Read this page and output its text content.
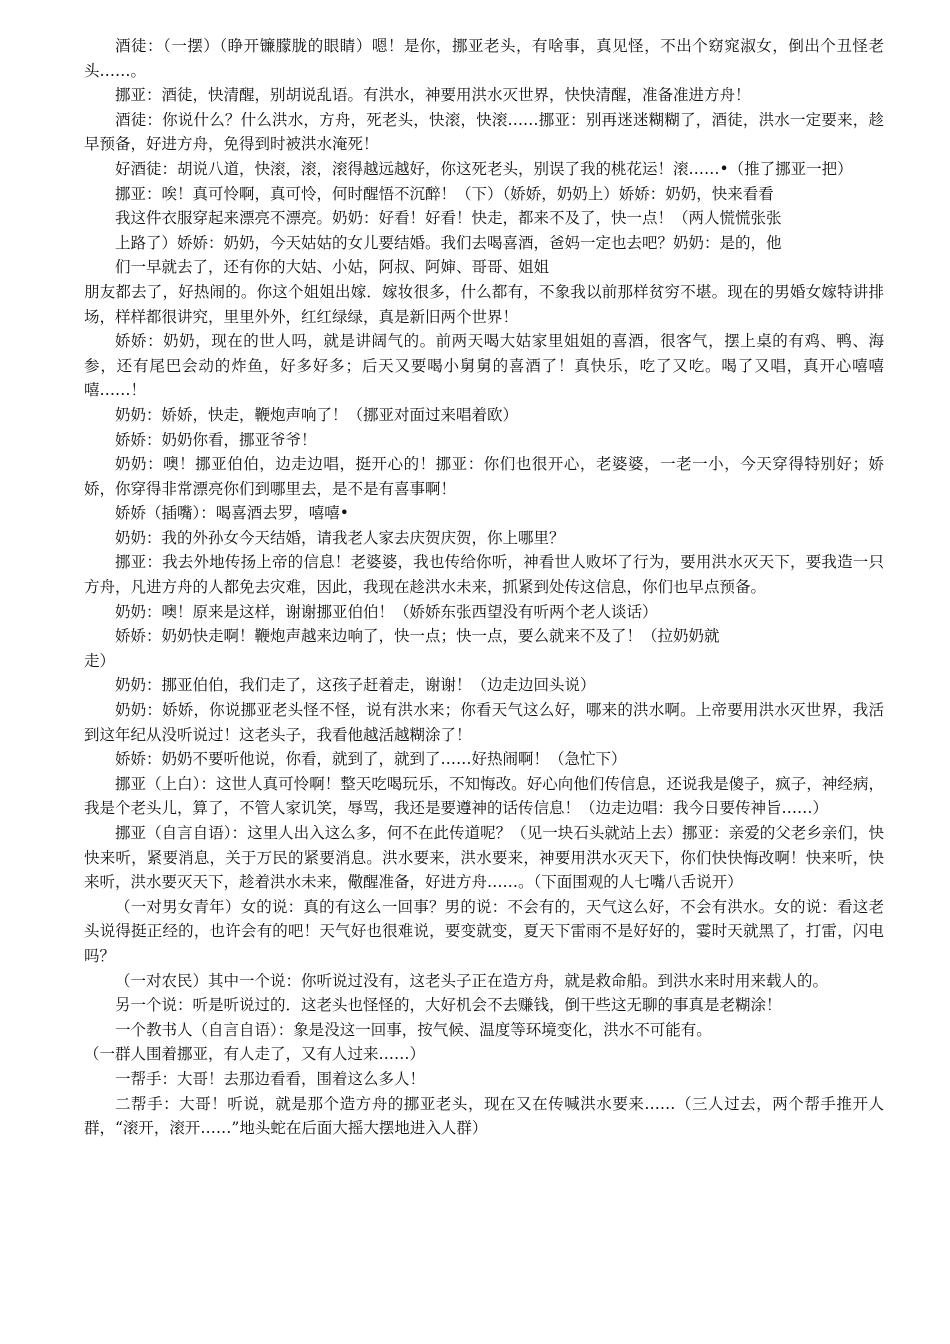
酒徒：（一摆）（睁开镰朦胧的眼睛）嗯！是你，挪亚老头，有啥事，真见怪，不出个窈窕淑女，倒出个丑怪老头……。

挪亚：酒徒，快清醒，别胡说乱语。有洪水，神要用洪水灭世界，快快清醒，准备准进方舟！

酒徒：你说什么？什么洪水，方舟，死老头，快滚，快滚……挪亚：别再迷迷糊糊了，酒徒，洪水一定要来，趁早预备，好进方舟，免得到时被洪水淹死！

好酒徒：胡说八道，快滚，滚，滚得越远越好，你这死老头，别误了我的桃花运！滚……•（推了挪亚一把）

挪亚：唉！真可怜啊，真可怜，何时醒悟不沉醉！（下）（娇娇，奶奶上）娇娇：奶奶，快来看看

我这件衣服穿起来漂亮不漂亮。奶奶：好看！好看！快走，都来不及了，快一点！（两人慌慌张张

上路了）娇娇：奶奶，今天姑姑的女儿要结婚。我们去喝喜酒，爸妈一定也去吧？奶奶：是的，他

们一早就去了，还有你的大姑、小姑，阿叔、阿婶、哥哥、姐姐

朋友都去了，好热闹的。你这个姐姐出嫁．嫁妆很多，什么都有，不象我以前那样贫穷不堪。现在的男婚女嫁特讲排场，样样都很讲究，里里外外，红红绿绿，真是新旧两个世界！

娇娇：奶奶，现在的世人吗，就是讲阔气的。前两天喝大姑家里姐姐的喜酒，很客气，摆上桌的有鸡、鸭、海参，还有尾巴会动的炸鱼，好多好多；后天又要喝小舅舅的喜酒了！真快乐，吃了又吃。喝了又唱，真开心嘻嘻嘻……！

奶奶：娇娇，快走，鞭炮声响了！（挪亚对面过来唱着欧）

娇娇：奶奶你看，挪亚爷爷！

奶奶：噢！挪亚伯伯，边走边唱，挺开心的！挪亚：你们也很开心，老婆婆，一老一小，今天穿得特别好；娇娇，你穿得非常漂亮你们到哪里去，是不是有喜事啊！

娇娇（插嘴）：喝喜酒去罗，嘻嘻•

奶奶：我的外孙女今天结婚，请我老人家去庆贺庆贺，你上哪里？

挪亚：我去外地传扬上帝的信息！老婆婆，我也传给你听，神看世人败坏了行为，要用洪水灭天下，要我造一只方舟，凡进方舟的人都免去灾难，因此，我现在趁洪水未来，抓紧到处传这信息，你们也早点预备。

奶奶：噢！原来是这样，谢谢挪亚伯伯！（娇娇东张西望没有听两个老人谈话）

娇娇：奶奶快走啊！鞭炮声越来边响了，快一点；快一点，要么就来不及了！（拉奶奶就

走）

奶奶：挪亚伯伯，我们走了，这孩子赶着走，谢谢！（边走边回头说）

奶奶：娇娇，你说挪亚老头怪不怪，说有洪水来；你看天气这么好，哪来的洪水啊。上帝要用洪水灭世界，我活到这年纪从没听说过！这老头子，我看他越活越糊涂了！

娇娇：奶奶不要听他说，你看，就到了，就到了……好热闹啊！（急忙下）

挪亚（上白）：这世人真可怜啊！整天吃喝玩乐，不知悔改。好心向他们传信息，还说我是傻子，疯子，神经病，我是个老头儿，算了，不管人家讥笑，辱骂，我还是要遵神的话传信息！（边走边唱：我今日要传神旨……）

挪亚（自言自语）：这里人出入这么多，何不在此传道呢？（见一块石头就站上去）挪亚：亲爱的父老乡亲们，快快来听，紧要消息，关于万民的紧要消息。洪水要来，洪水要来，神要用洪水灭天下，你们快快悔改啊！快来听，快来听，洪水要灭天下，趁着洪水未来，儆醒准备，好进方舟……。（下面围观的人七嘴八舌说开）

（一对男女青年）女的说：真的有这么一回事？男的说：不会有的，天气这么好，不会有洪水。女的说：看这老头说得挺正经的，也许会有的吧！天气好也很难说，要变就变，夏天下雷雨不是好好的，霎时天就黑了，打雷，闪电吗？

（一对农民）其中一个说：你听说过没有，这老头子正在造方舟，就是救命船。到洪水来时用来载人的。

另一个说：听是听说过的．这老头也怪怪的，大好机会不去赚钱，倒干些这无聊的事真是老糊涂！

一个教书人（自言自语）：象是没这一回事，按气候、温度等环境变化，洪水不可能有。

（一群人围着挪亚，有人走了，又有人过来……）

一帮手：大哥！去那边看看，围着这么多人！

二帮手：大哥！听说，就是那个造方舟的挪亚老头，现在又在传喊洪水要来……（三人过去，两个帮手推开人群，“滚开，滚开……”地头蛇在后面大摇大摆地进入人群）
